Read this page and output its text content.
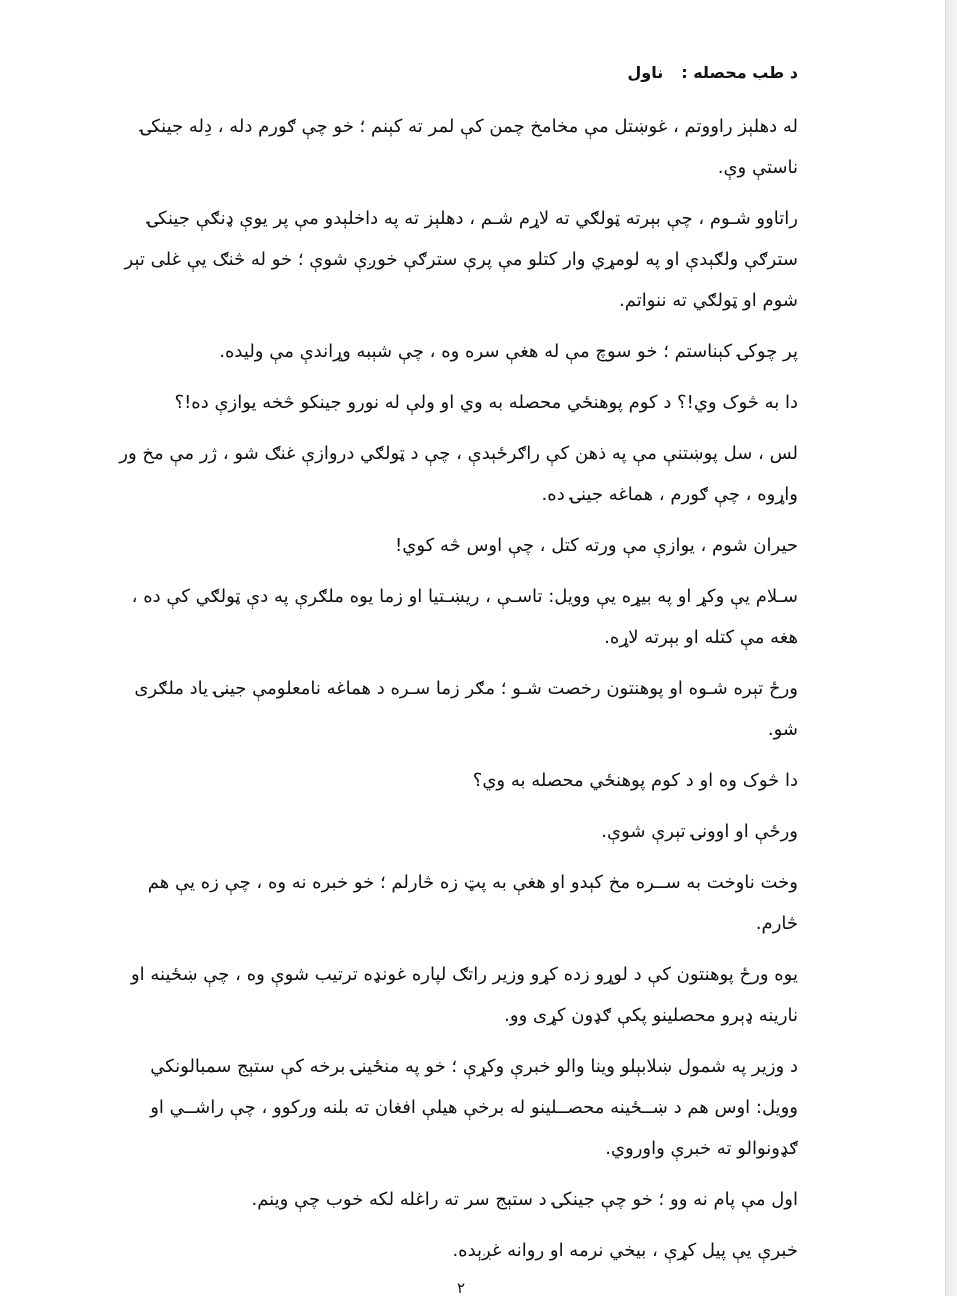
د طب محصله :ناول

له دهلېز راووتم ، غوښتل مې مخامخ چمن کې لمر ته کېنم ؛ خو چې ګورم دله ، دِله جینکۍ ناستې وې.

راتاوو شـوم ، چې بېرته ټولګي ته لاړم شـم ، دهلېز ته په داخلېدو مې پر یوې ډنګې جینکۍ سترګې ولګېدې او په لومړي وار کتلو مې پرې سترګې خوږې شوې ؛ خو له څنګ يې غلی تېر شوم او ټولګي ته ننواتم.

پر چوکۍ کېناستم ؛ خو سوچ مې له هغې سره وه ، چې شېبه وړاندې مې ولیده.

دا به څوک وي!؟ د کوم پوهنځي محصله به وي او ولې له نورو جینکو څخه یوازې ده!؟

لس ، سل پوښتنې مې په ذهن کې راګرځېدې ، چې د ټولګي دروازې غنګ شو ، ژر مې مخ ور واړوه ، چې ګورم ، هماغه جینۍ ده.

حیران شوم ، یوازې مې ورته کتل ، چې اوس څه کوي!

سـلام يې وکړ او په بيړه يې وويل: تاسـې ، ريښـتيا او زما يوه ملګرې په دې ټولګي کې ده ، هغه مې کتله او بېرته لاړه.

ورځ تېره شـوه او پوهنتون رخصت شـو ؛ مګر زما سـره د هماغه نامعلومې جینۍ یاد ملګری شو.

دا څوک وه او د کوم پوهنځي محصله به وي؟

ورځې او اوونۍ تېرې شوې.

وخت ناوخت به ســره مخ کېدو او هغې به پټ زه څارلم ؛ خو خبره نه وه ، چې زه يې هم څارم.

یوه ورځ پوهنتون کې د لوړو زده کړو وزیر راتګ لپاره غونډه ترتیب شوې وه ، چې ښځینه او نارینه ډېرو محصلینو پکې ګډون کړی وو.

د وزیر په شمول ښلابېلو وینا والو خبرې وکړې ؛ خو په منځینۍ برخه کې ستېج سمبالونکي وويل: اوس هم د ښــځينه محصــلينو له برخې هيلې افغان ته بلنه ورکوو ، چې راشــي او ګډونوالو ته خبرې واوروي.

اول مې پام نه وو ؛ خو چې جینکۍ د ستېج سر ته راغله لکه خوب چې وينم.

خبرې يې پیل کړې ، بيخي نرمه او روانه غږېده.

۲
